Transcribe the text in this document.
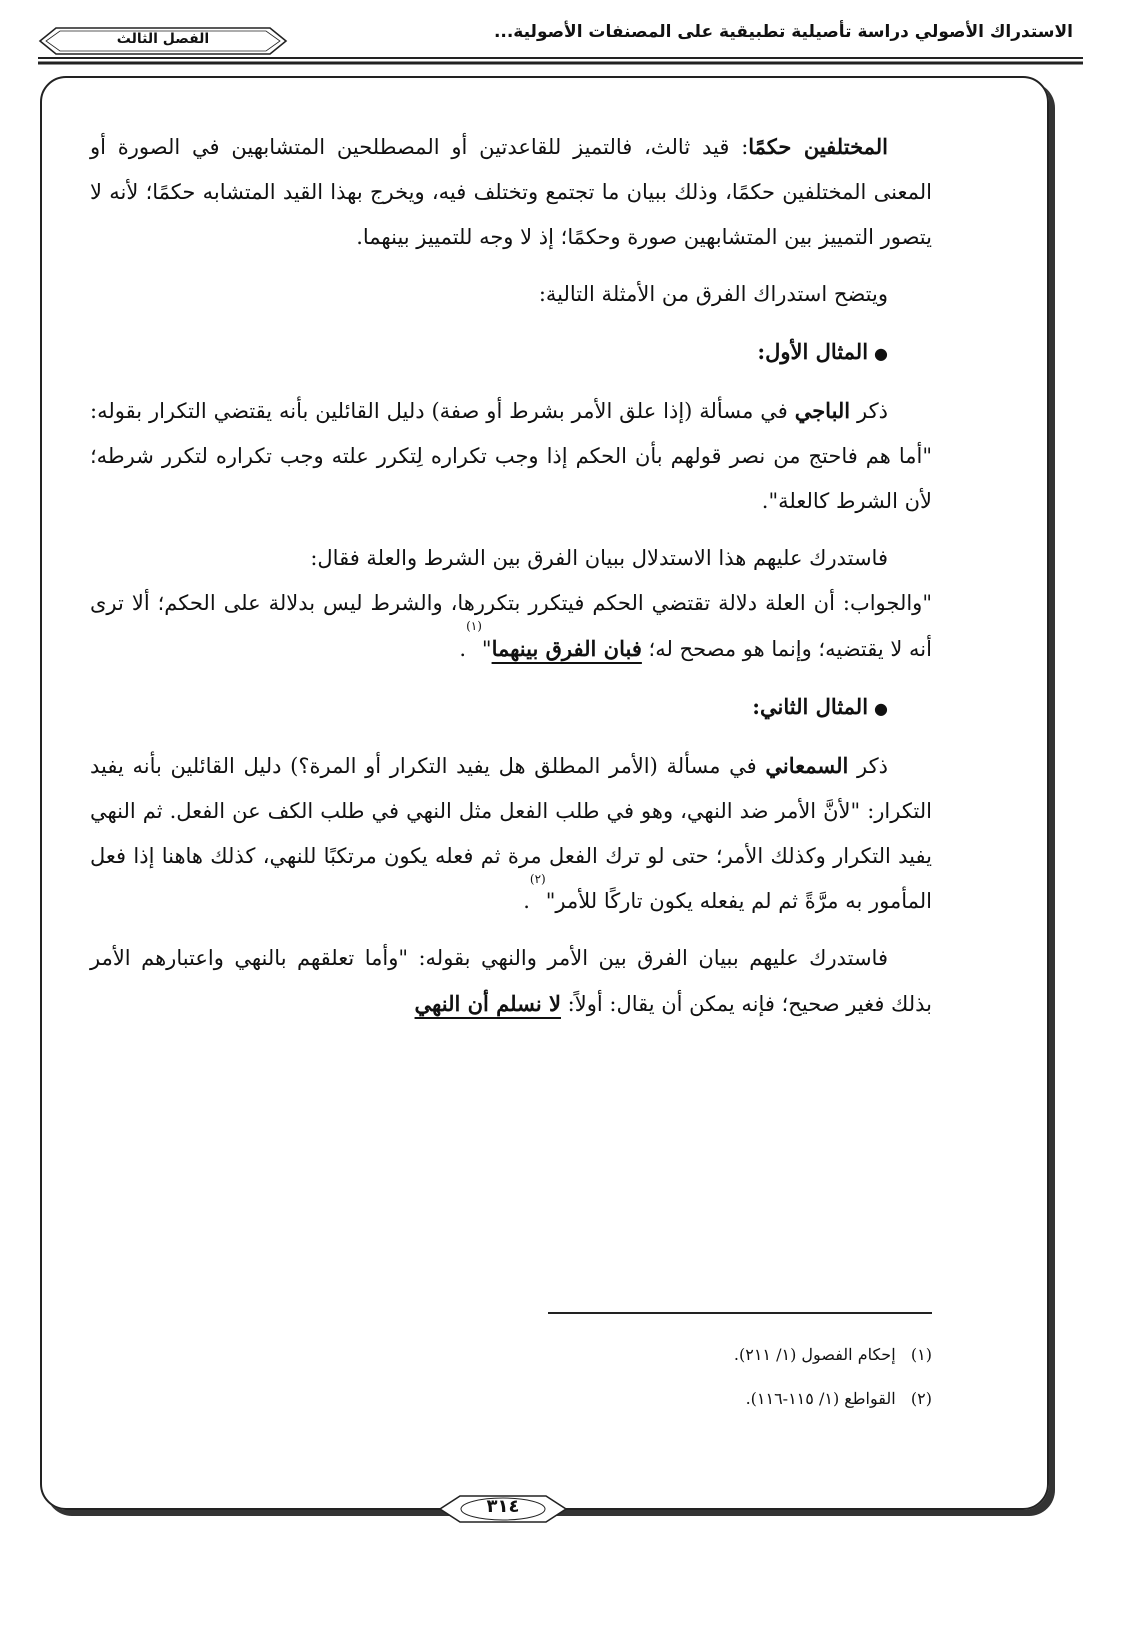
الاستدراك الأصولي دراسة تأصيلية تطبيقية على المصنفات الأصولية...
الفصل الثالث

المختلفين حكمًا: قيد ثالث، فالتميز للقاعدتين أو المصطلحين المتشابهين في الصورة أو المعنى المختلفين حكمًا، وذلك ببيان ما تجتمع وتختلف فيه، ويخرج بهذا القيد المتشابه حكمًا؛ لأنه لا يتصور التمييز بين المتشابهين صورة وحكمًا؛ إذ لا وجه للتمييز بينهما.

ويتضح استدراك الفرق من الأمثلة التالية:

●المثال الأول:

ذكر الباجي في مسألة (إذا علق الأمر بشرط أو صفة) دليل القائلين بأنه يقتضي التكرار بقوله: "أما هم فاحتج من نصر قولهم بأن الحكم إذا وجب تكراره لِتكرر علته وجب تكراره لتكرر شرطه؛ لأن الشرط كالعلة".

فاستدرك عليهم هذا الاستدلال ببيان الفرق بين الشرط والعلة فقال:

"والجواب: أن العلة دلالة تقتضي الحكم فيتكرر بتكررها، والشرط ليس بدلالة على الحكم؛ ألا ترى أنه لا يقتضيه؛ وإنما هو مصحح له؛ فبان الفرق بينهما"$^{(١)}$.

●المثال الثاني:

ذكر السمعاني في مسألة (الأمر المطلق هل يفيد التكرار أو المرة؟) دليل القائلين بأنه يفيد التكرار: "لأنَّ الأمر ضد النهي، وهو في طلب الفعل مثل النهي في طلب الكف عن الفعل. ثم النهي يفيد التكرار وكذلك الأمر؛ حتى لو ترك الفعل مرة ثم فعله يكون مرتكبًا للنهي، كذلك هاهنا إذا فعل المأمور به مرَّةً ثم لم يفعله يكون تاركًا للأمر"$^{(٢)}$.

فاستدرك عليهم ببيان الفرق بين الأمر والنهي بقوله: "وأما تعلقهم بالنهي واعتبارهم الأمر بذلك فغير صحيح؛ فإنه يمكن أن يقال: أولاً: لا نسلم أن النهي

(١)   إحكام الفصول (١/ ٢١١).
(٢)   القواطع (١/ ١١٥-١١٦).
٣١٤
